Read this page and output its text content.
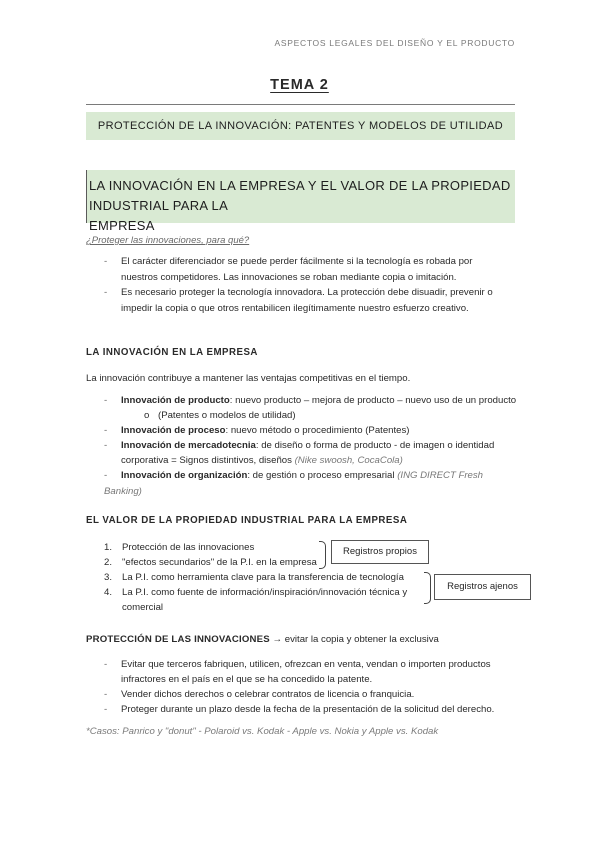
ASPECTOS LEGALES DEL DISEÑO Y EL PRODUCTO
TEMA 2
PROTECCIÓN DE LA INNOVACIÓN: PATENTES Y MODELOS DE UTILIDAD
LA INNOVACIÓN EN LA EMPRESA Y EL VALOR DE LA PROPIEDAD INDUSTRIAL PARA LA
EMPRESA
¿Proteger las innovaciones, para qué?
- El carácter diferenciador se puede perder fácilmente si la tecnología es robada por
nuestros competidores. Las innovaciones se roban mediante copia o imitación.
- Es necesario proteger la tecnología innovadora. La protección debe disuadir, prevenir o
impedir la copia o que otros rentabilicen ilegítimamente nuestro esfuerzo creativo.
LA INNOVACIÓN EN LA EMPRESA
La innovación contribuye a mantener las ventajas competitivas en el tiempo.
- Innovación de producto: nuevo producto – mejora de producto – nuevo uso de un producto
o (Patentes o modelos de utilidad)
- Innovación de proceso: nuevo método o procedimiento (Patentes)
- Innovación de mercadotecnia: de diseño o forma de producto - de imagen o identidad
corporativa = Signos distintivos, diseños (Nike swoosh, CocaCola)
- Innovación de organización: de gestión o proceso empresarial (ING DIRECT Fresh Banking)
EL VALOR DE LA PROPIEDAD INDUSTRIAL PARA LA EMPRESA
1. Protección de las innovaciones
2. "efectos secundarios" de la P.I. en la empresa
3. La P.I. como herramienta clave para la transferencia de tecnología
4. La P.I. como fuente de información/inspiración/innovación técnica y
comercial
Registros propios
Registros ajenos
PROTECCIÓN DE LAS INNOVACIONES → evitar la copia y obtener la exclusiva
- Evitar que terceros fabriquen, utilicen, ofrezcan en venta, vendan o importen productos
infractores en el país en el que se ha concedido la patente.
- Vender dichos derechos o celebrar contratos de licencia o franquicia.
- Proteger durante un plazo desde la fecha de la presentación de la solicitud del derecho.
*Casos: Panrico y "donut" - Polaroid vs. Kodak - Apple vs. Nokia y Apple vs. Kodak
